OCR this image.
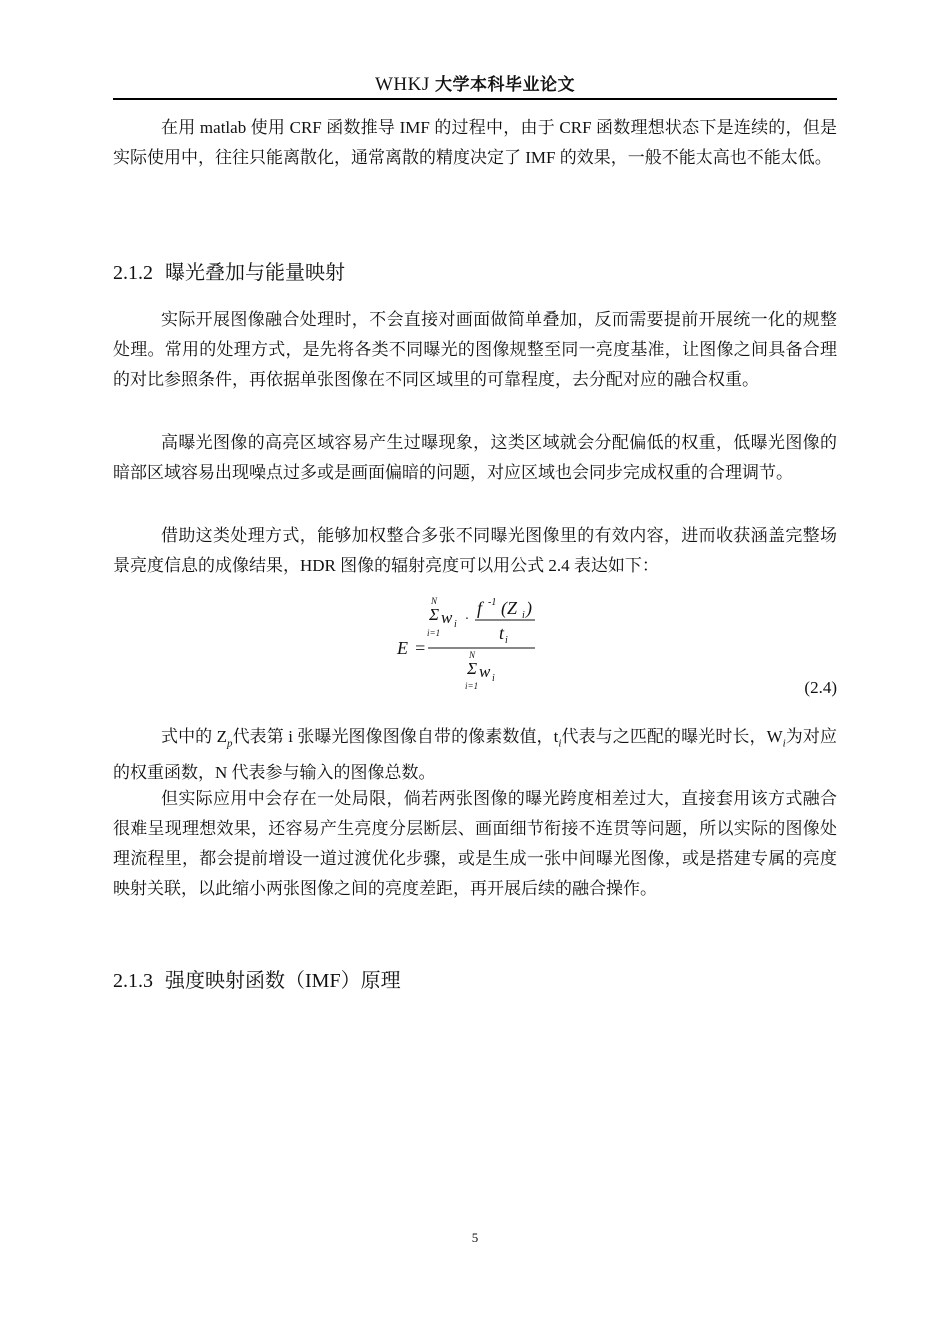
WHKJ 大学本科毕业论文

在用 matlab 使用 CRF 函数推导 IMF 的过程中，由于 CRF 函数理想状态下是连续的，但是实际使用中，往往只能离散化，通常离散的精度决定了 IMF 的效果，一般不能太高也不能太低。

2.1.2 曝光叠加与能量映射

实际开展图像融合处理时，不会直接对画面做简单叠加，反而需要提前开展统一化的规整处理。常用的处理方式，是先将各类不同曝光的图像规整至同一亮度基准，让图像之间具备合理的对比参照条件，再依据单张图像在不同区域里的可靠程度，去分配对应的融合权重。

高曝光图像的高亮区域容易产生过曝现象，这类区域就会分配偏低的权重，低曝光图像的暗部区域容易出现噪点过多或是画面偏暗的问题，对应区域也会同步完成权重的合理调节。

借助这类处理方式，能够加权整合多张不同曝光图像里的有效内容，进而收获涵盖完整场景亮度信息的成像结果，HDR 图像的辐射亮度可以用公式 2.4 表达如下：

N
Σ w i
i=1
·
f -1 (Z i )
t i
E =	N
Σ w i
i=1	(2.4)

式中的 $Z_p$代表第 i 张曝光图像图像自带的像素数值，$t_i$代表与之匹配的曝光时长，$W_i$为对应的权重函数，N 代表参与输入的图像总数。

但实际应用中会存在一处局限，倘若两张图像的曝光跨度相差过大，直接套用该方式融合很难呈现理想效果，还容易产生亮度分层断层、画面细节衔接不连贯等问题，所以实际的图像处理流程里，都会提前增设一道过渡优化步骤，或是生成一张中间曝光图像，或是搭建专属的亮度映射关联，以此缩小两张图像之间的亮度差距，再开展后续的融合操作。

2.1.3 强度映射函数（IMF）原理
5
